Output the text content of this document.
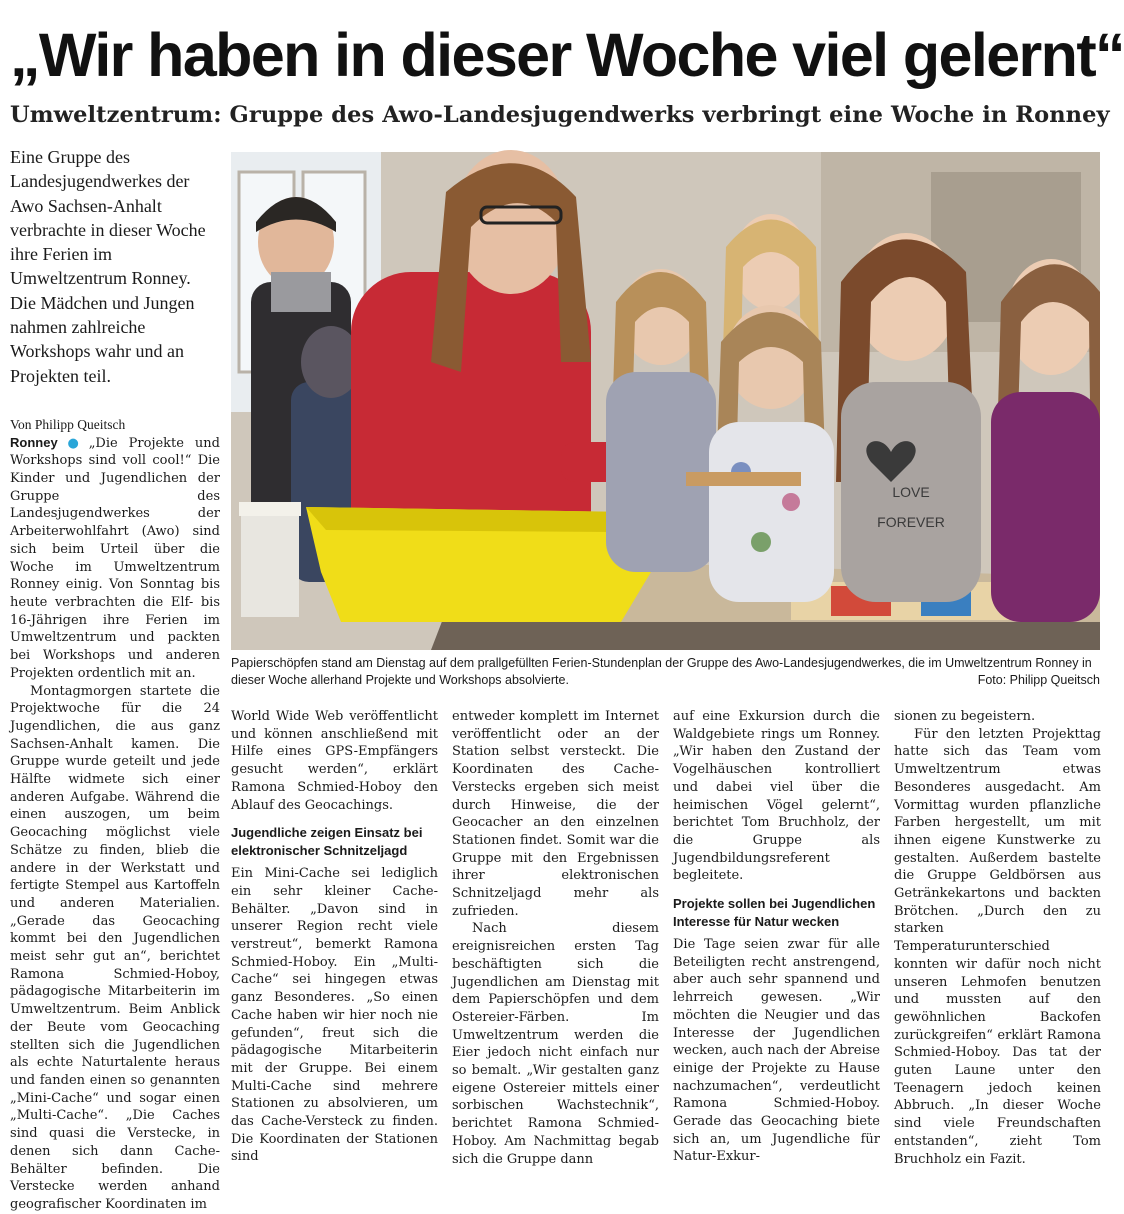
„Wir haben in dieser Woche viel gelernt“
Umweltzentrum: Gruppe des Awo-Landesjugendwerks verbringt eine Woche in Ronney

Eine Gruppe des Landesjugendwerkes der Awo Sachsen-Anhalt verbrachte in dieser Woche ihre Ferien im Umweltzentrum Ronney. Die Mädchen und Jungen nahmen zahlreiche Workshops wahr und an Projekten teil.

Von Philipp Queitsch

Ronney ● „Die Projekte und Workshops sind voll cool!“ Die Kinder und Jugendlichen der Gruppe des Landesjugendwerkes der Arbeiterwohlfahrt (Awo) sind sich beim Urteil über die Woche im Umweltzentrum Ronney einig. Von Sonntag bis heute verbrachten die Elf- bis 16-Jährigen ihre Ferien im Umweltzentrum und packten bei Workshops und anderen Projekten ordentlich mit an.

Montagmorgen startete die Projektwoche für die 24 Jugendlichen, die aus ganz Sachsen-Anhalt kamen. Die Gruppe wurde geteilt und jede Hälfte widmete sich einer anderen Aufgabe. Während die einen auszogen, um beim Geocaching möglichst viele Schätze zu finden, blieb die andere in der Werkstatt und fertigte Stempel aus Kartoffeln und anderen Materialien. „Gerade das Geocaching kommt bei den Jugendlichen meist sehr gut an“, berichtet Ramona Schmied-Hoboy, pädagogische Mitarbeiterin im Umweltzentrum. Beim Anblick der Beute vom Geocaching stellten sich die Jugendlichen als echte Naturtalente heraus und fanden einen so genannten „Mini-Cache“ und sogar einen „Multi-Cache“. „Die Caches sind quasi die Verstecke, in denen sich dann Cache-Behälter befinden. Die Verstecke werden anhand geografischer Koordinaten im

LOVE
FOREVER
Papierschöpfen stand am Dienstag auf dem prallgefüllten Ferien-Stundenplan der Gruppe des Awo-Landesjugendwerkes, die im Umweltzentrum Ronney in dieser Woche allerhand Projekte und Workshops absolvierte.	Foto: Philipp Queitsch

World Wide Web veröffentlicht und können anschließend mit Hilfe eines GPS-Empfängers gesucht werden“, erklärt Ramona Schmied-Hoboy den Ablauf des Geocachings.

Jugendliche zeigen Einsatz bei elektronischer Schnitzeljagd

Ein Mini-Cache sei lediglich ein sehr kleiner Cache-Behälter. „Davon sind in unserer Region recht viele verstreut“, bemerkt Ramona Schmied-Hoboy. Ein „Multi-Cache“ sei hingegen etwas ganz Besonderes. „So einen Cache haben wir hier noch nie gefunden“, freut sich die pädagogische Mitarbeiterin mit der Gruppe. Bei einem Multi-Cache sind mehrere Stationen zu absolvieren, um das Cache-Versteck zu finden. Die Koordinaten der Stationen sind

entweder komplett im Internet veröffentlicht oder an der Station selbst versteckt. Die Koordinaten des Cache-Verstecks ergeben sich meist durch Hinweise, die der Geocacher an den einzelnen Stationen findet. Somit war die Gruppe mit den Ergebnissen ihrer elektronischen Schnitzeljagd mehr als zufrieden.

Nach diesem ereignisreichen ersten Tag beschäftigten sich die Jugendlichen am Dienstag mit dem Papierschöpfen und dem Ostereier-Färben. Im Umweltzentrum werden die Eier jedoch nicht einfach nur so bemalt. „Wir gestalten ganz eigene Ostereier mittels einer sorbischen Wachstechnik“, berichtet Ramona Schmied-Hoboy. Am Nachmittag begab sich die Gruppe dann

auf eine Exkursion durch die Waldgebiete rings um Ronney. „Wir haben den Zustand der Vogelhäuschen kontrolliert und dabei viel über die heimischen Vögel gelernt“, berichtet Tom Bruchholz, der die Gruppe als Jugendbildungsreferent begleitete.

Projekte sollen bei Jugendlichen Interesse für Natur wecken

Die Tage seien zwar für alle Beteiligten recht anstrengend, aber auch sehr spannend und lehrreich gewesen. „Wir möchten die Neugier und das Interesse der Jugendlichen wecken, auch nach der Abreise einige der Projekte zu Hause nachzumachen“, verdeutlicht Ramona Schmied-Hoboy. Gerade das Geocaching biete sich an, um Jugendliche für Natur-Exkur-

sionen zu begeistern.

Für den letzten Projekttag hatte sich das Team vom Umweltzentrum etwas Besonderes ausgedacht. Am Vormittag wurden pflanzliche Farben hergestellt, um mit ihnen eigene Kunstwerke zu gestalten. Außerdem bastelte die Gruppe Geldbörsen aus Getränkekartons und backten Brötchen. „Durch den zu starken Temperaturunterschied konnten wir dafür noch nicht unseren Lehmofen benutzen und mussten auf den gewöhnlichen Backofen zurückgreifen“ erklärt Ramona Schmied-Hoboy. Das tat der guten Laune unter den Teenagern jedoch keinen Abbruch. „In dieser Woche sind viele Freundschaften entstanden“, zieht Tom Bruchholz ein Fazit.
